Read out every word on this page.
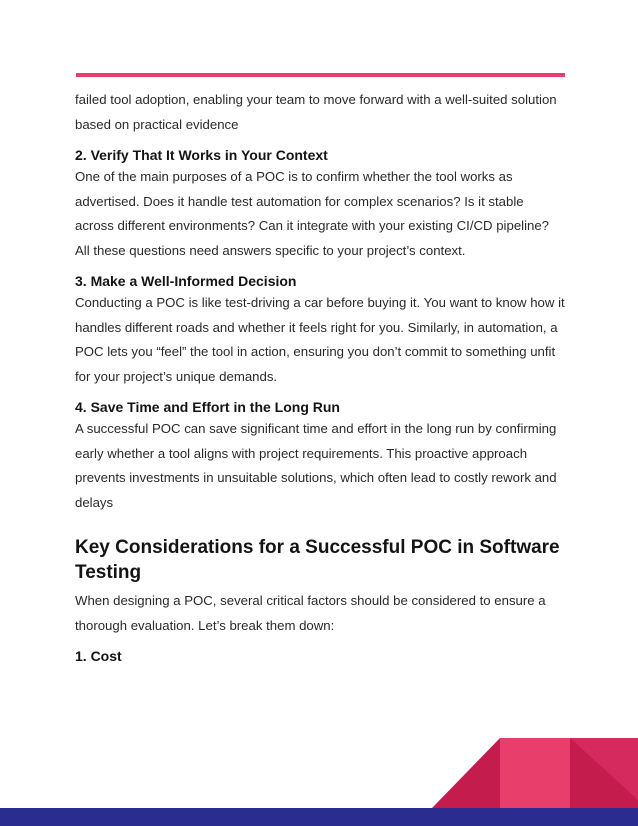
failed tool adoption, enabling your team to move forward with a well-suited solution based on practical evidence

2. Verify That It Works in Your Context

One of the main purposes of a POC is to confirm whether the tool works as advertised. Does it handle test automation for complex scenarios? Is it stable across different environments? Can it integrate with your existing CI/CD pipeline? All these questions need answers specific to your project’s context.

3. Make a Well-Informed Decision

Conducting a POC is like test-driving a car before buying it. You want to know how it handles different roads and whether it feels right for you. Similarly, in automation, a POC lets you “feel” the tool in action, ensuring you don’t commit to something unfit for your project’s unique demands.

4. Save Time and Effort in the Long Run

A successful POC can save significant time and effort in the long run by confirming early whether a tool aligns with project requirements. This proactive approach prevents investments in unsuitable solutions, which often lead to costly rework and delays

Key Considerations for a Successful POC in Software Testing

When designing a POC, several critical factors should be considered to ensure a thorough evaluation. Let’s break them down:

1. Cost
